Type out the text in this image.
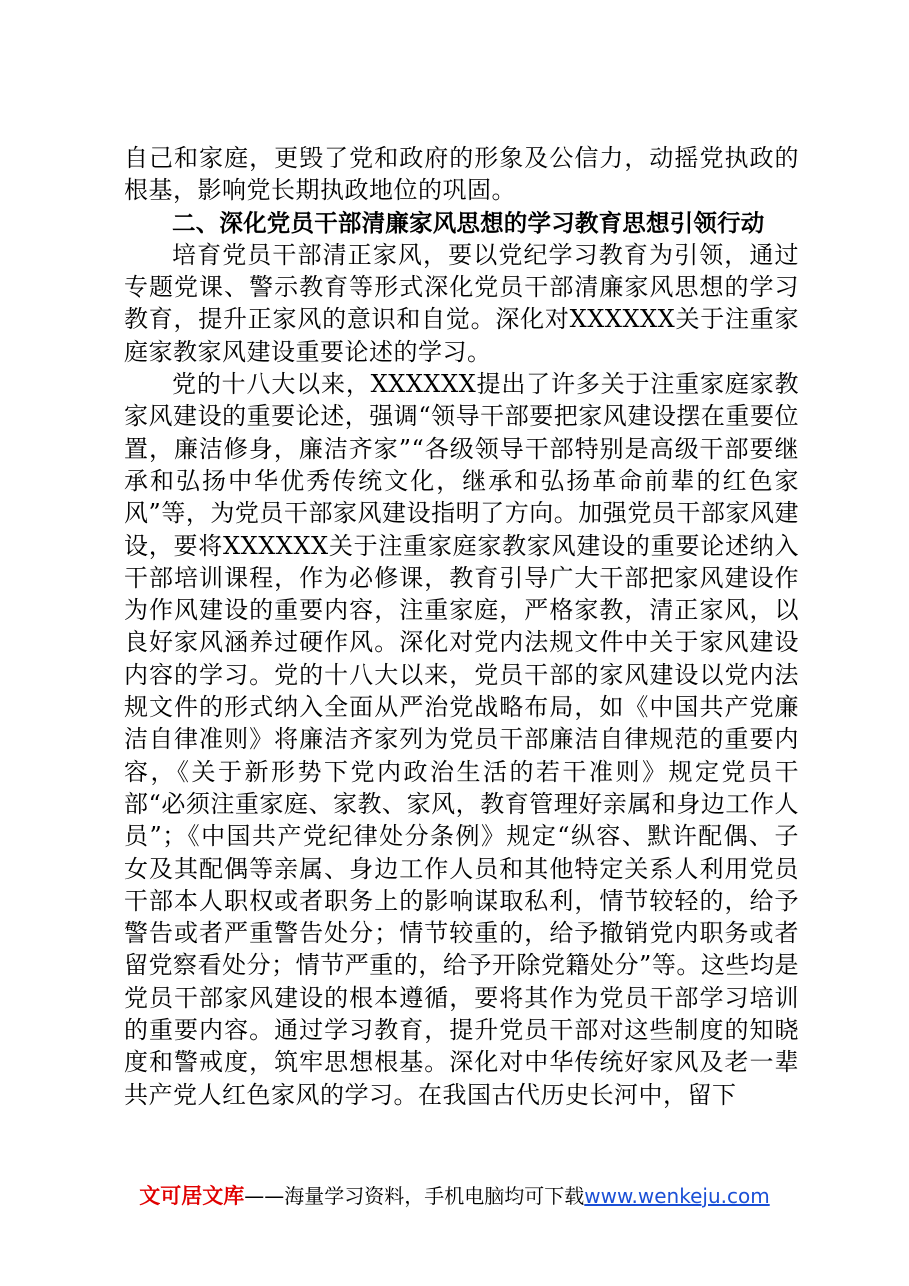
自己和家庭，更毁了党和政府的形象及公信力，动摇党执政的根基，影响党长期执政地位的巩固。

二、深化党员干部清廉家风思想的学习教育思想引领行动

培育党员干部清正家风，要以党纪学习教育为引领，通过专题党课、警示教育等形式深化党员干部清廉家风思想的学习教育，提升正家风的意识和自觉。深化对XXXXXX关于注重家庭家教家风建设重要论述的学习。

党的十八大以来，XXXXXX提出了许多关于注重家庭家教家风建设的重要论述，强调“领导干部要把家风建设摆在重要位置，廉洁修身，廉洁齐家”“各级领导干部特别是高级干部要继承和弘扬中华优秀传统文化，继承和弘扬革命前辈的红色家风”等，为党员干部家风建设指明了方向。加强党员干部家风建设，要将XXXXXX关于注重家庭家教家风建设的重要论述纳入干部培训课程，作为必修课，教育引导广大干部把家风建设作为作风建设的重要内容，注重家庭，严格家教，清正家风，以良好家风涵养过硬作风。深化对党内法规文件中关于家风建设内容的学习。党的十八大以来，党员干部的家风建设以党内法规文件的形式纳入全面从严治党战略布局，如《中国共产党廉洁自律准则》将廉洁齐家列为党员干部廉洁自律规范的重要内容，《关于新形势下党内政治生活的若干准则》规定党员干部“必须注重家庭、家教、家风，教育管理好亲属和身边工作人员”；《中国共产党纪律处分条例》规定“纵容、默许配偶、子女及其配偶等亲属、身边工作人员和其他特定关系人利用党员干部本人职权或者职务上的影响谋取私利，情节较轻的，给予警告或者严重警告处分；情节较重的，给予撤销党内职务或者留党察看处分；情节严重的，给予开除党籍处分”等。这些均是党员干部家风建设的根本遵循，要将其作为党员干部学习培训的重要内容。通过学习教育，提升党员干部对这些制度的知晓度和警戒度，筑牢思想根基。深化对中华传统好家风及老一辈共产党人红色家风的学习。在我国古代历史长河中，留下

文可居文库——海量学习资料，手机电脑均可下载www.wenkeju.com
